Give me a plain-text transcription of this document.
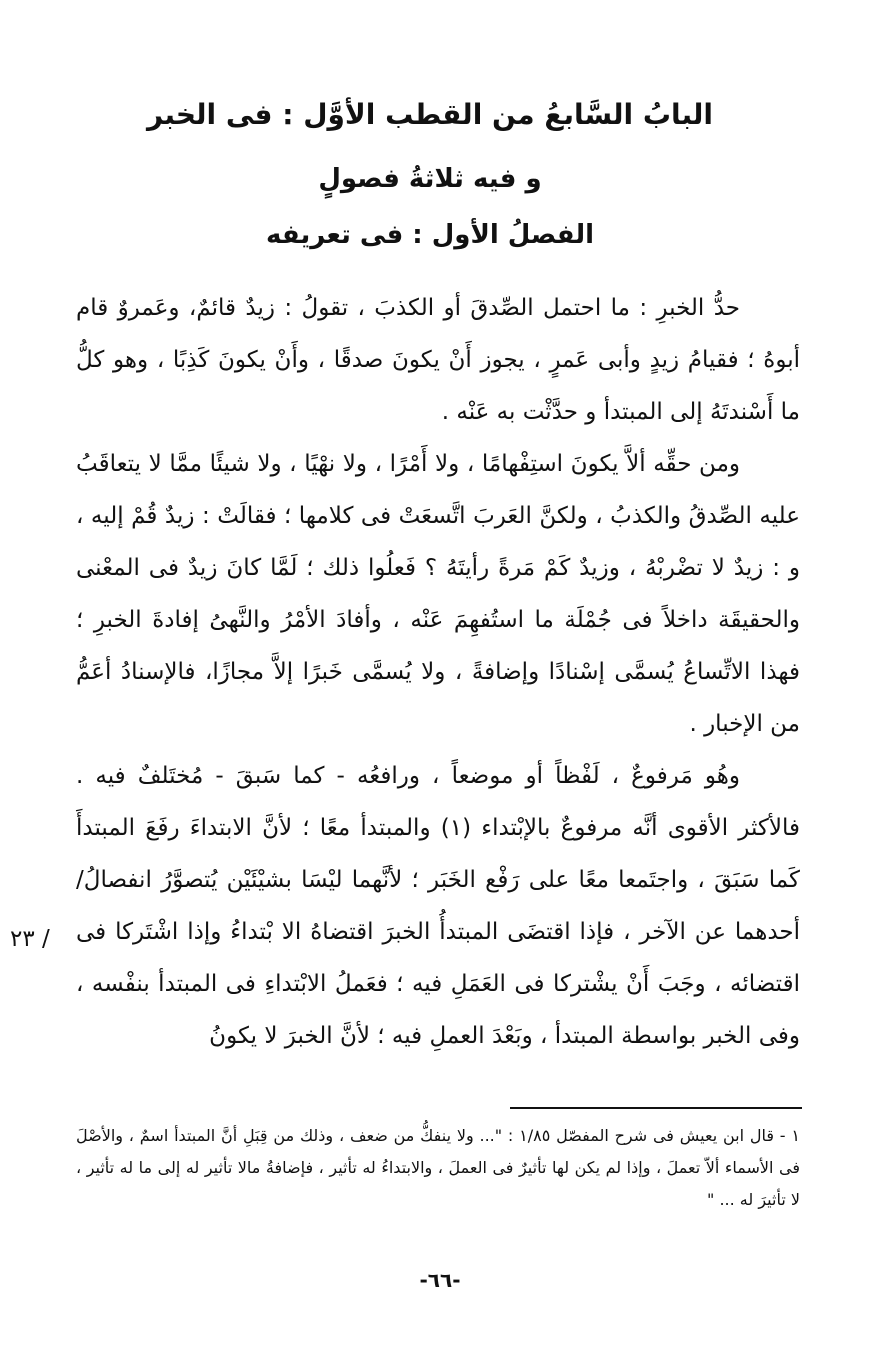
البابُ السَّابعُ من القطب الأوَّل : فى الخبر
و فيه ثلاثةُ فصولٍ
الفصلُ الأول : فى تعريفه
حدُّ الخبرِ : ما احتمل الصِّدقَ أو الكذبَ ، تقولُ : زيدٌ قائمٌ، وعَمروٌ قام أبوهُ ؛ فقيامُ زيدٍ وأبى عَمرٍ ، يجوز أَنْ يكونَ صدقًا ، وأَنْ يكونَ كَذِبًا ، وهو كلُّ ما أَسْندتَهُ إلى المبتدأ و حدَّثْت به عَنْه .
ومن حقِّه ألاَّ يكونَ استِفْهامًا ، ولا أَمْرًا ، ولا نهْيًا ، ولا شيئًا ممَّا لا يتعاقَبُ عليه الصِّدقُ والكذبُ ، ولكنَّ العَربَ اتَّسعَتْ فى كلامها ؛ فقالَتْ : زيدٌ قُمْ إليه ، و : زيدٌ لا تضْربْهُ ، وزيدٌ كَمْ مَرةً رأيتَهُ ؟ فَعلُوا ذلك ؛ لَمَّا كانَ زيدٌ فى المعْنى والحقيقَة داخلاً فى جُمْلَة ما استُفهِمَ عَنْه ، وأفادَ الأمْرُ والنَّهىُ إفادةَ الخبرِ ؛ فهذا الاتِّساعُ يُسمَّى إسْنادًا وإضافةً ، ولا يُسمَّى خَبرًا إلاَّ مجازًا، فالإسنادُ أعَمُّ من الإخبار .
وهُو مَرفوعٌ ، لَفْظاً أو موضعاً ، ورافعُه - كما سَبقَ - مُختَلفٌ فيه . فالأكثر الأقوى أنَّه مرفوعٌ بالإبْتداء (١) والمبتدأ معًا ؛ لأنَّ الابتداءَ رفَعَ المبتدأَ كَما سَبَقَ ، واجتَمعا معًا على رَفْع الخَبَر ؛ لأنَّهما ليْسَا بشيْئَيْن يُتصوَّرُ انفصالُ/ أحدهما عن الآخر ، فإذا اقتضَى المبتدأُ الخبرَ اقتضاهُ الا بْتداءُ وإذا اشْتَركا فى اقتضائه ، وجَبَ أَنْ يشْتركا فى العَمَلِ فيه ؛ فعَملُ الابْتداءِ فى المبتدأ بنفْسه ، وفى الخبر بواسطة المبتدأ ، وبَعْدَ العملِ فيه ؛ لأنَّ الخبرَ لا يكونُ
٢٣ /
١ - قال ابن يعيش فى شرح المفصّل ١/٨٥ : "... ولا ينفكُّ من ضعف ، وذلك من قِبَلِ أنَّ المبتدأ اسمٌ ، والأصْلَ فى الأسماء ألاّ تعملَ ، وإذا لم يكن لها تأثيرٌ فى العملَ ، والابتداءُ له تأثير ، فإضافةُ مالا تأثير له إلى ما له تأثير ، لا تأثيرَ له ... "
-٦٦-
